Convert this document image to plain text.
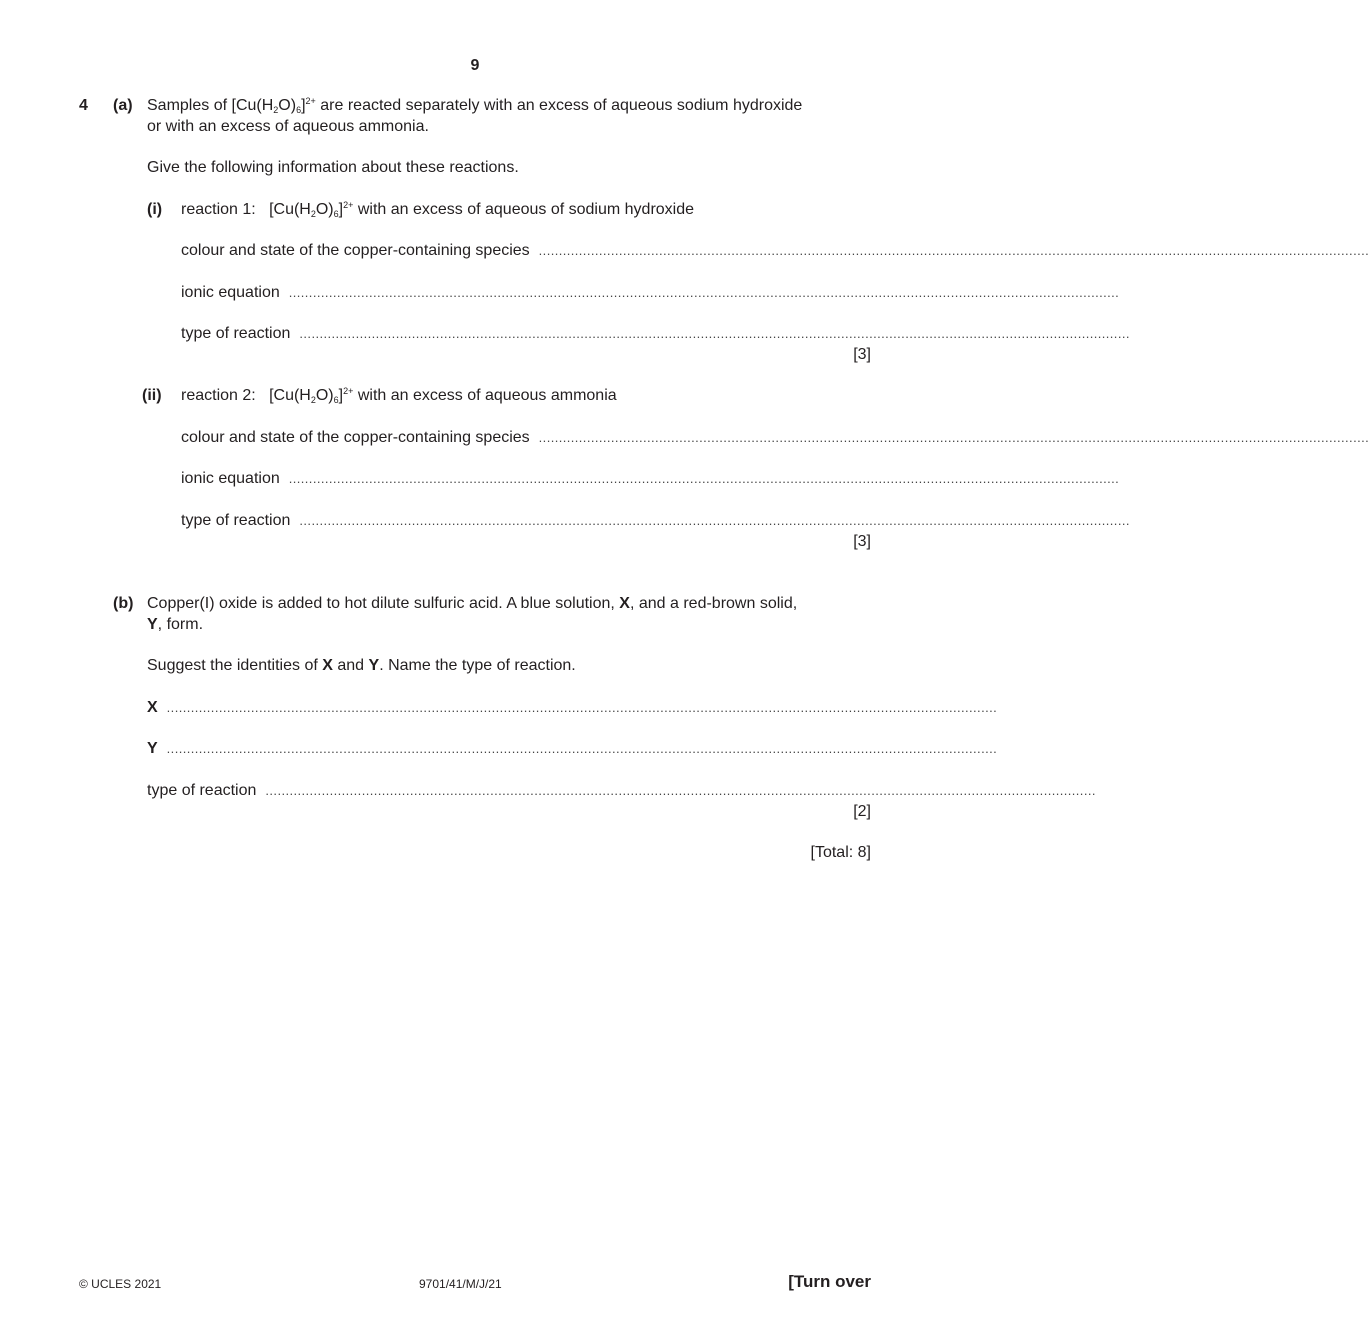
9
4 (a) Samples of $[Cu(H_2O)_6]^{2+}$ are reacted separately with an excess of aqueous sodium hydroxide
or with an excess of aqueous ammonia.
Give the following information about these reactions.
(i) reaction 1: $[Cu(H_2O)_6]^{2+}$ with an excess of aqueous of sodium hydroxide
colour and state of the copper-containing species ...............................................................................................................................................................................................................
ionic equation ...............................................................................................................................................................................................................
type of reaction ...............................................................................................................................................................................................................
[3]
(ii) reaction 2: $[Cu(H_2O)_6]^{2+}$ with an excess of aqueous ammonia
colour and state of the copper-containing species ...............................................................................................................................................................................................................
ionic equation ...............................................................................................................................................................................................................
type of reaction ...............................................................................................................................................................................................................
[3]
(b) Copper(I) oxide is added to hot dilute sulfuric acid. A blue solution, X, and a red-brown solid,
Y, form.
Suggest the identities of X and Y. Name the type of reaction.
X ...............................................................................................................................................................................................................
Y ...............................................................................................................................................................................................................
type of reaction ...............................................................................................................................................................................................................
[2]
[Total: 8]
© UCLES 2021	9701/41/M/J/21	[Turn over
